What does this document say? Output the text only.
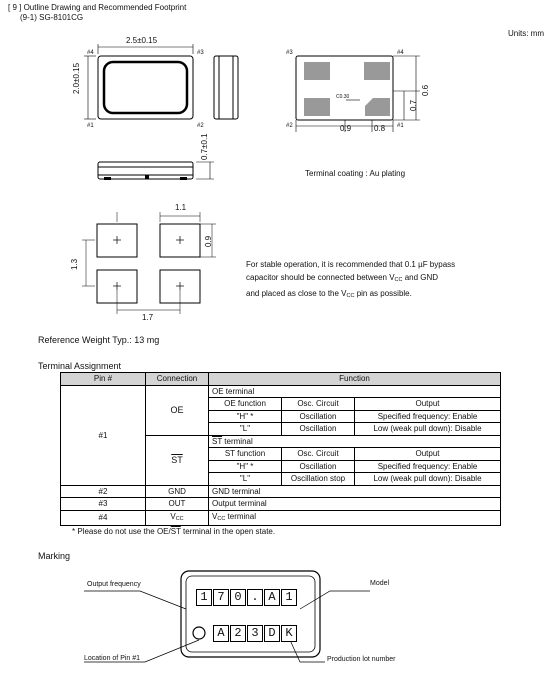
[ 9 ] Outline Drawing and Recommended Footprint
(9-1) SG-8101CG
Units: mm
2.5±0.15
2.0±0.15
0.7±0.1
#4	#3
#1	#2
#3	#4
#2	#1
C0.30
0.9	0.8
0.7
0.6
Terminal coating : Au plating
1.1
0.9
1.3
1.7
For stable operation, it is recommended that 0.1 µF bypass
capacitor should be connected between $V_{CC}$ and GND
and placed as close to the $V_{CC}$ pin as possible.
Reference Weight Typ.: 13 mg
Terminal Assignment
Pin #	Connection	Function		
#1	OE	OE terminal		
		OE function	Osc. Circuit	Output
		"H" *	Oscillation	Specified frequency: Enable
		"L"	Oscillation	Low (weak pull down): Disable
	$\overline{ST}$	$\overline{ST}$ terminal		
		ST function	Osc. Circuit	Output
		"H" *	Oscillation	Specified frequency: Enable
		"L"	Oscillation stop	Low (weak pull down): Disable
#2	GND	GND terminal		
#3	OUT	Output terminal		
#4	$V_{CC}$	$V_{CC}$ terminal		
* Please do not use the $OE/\overline{ST}$ terminal in the open state.
Marking
Output frequency	Model
Location of Pin #1	Production lot number
1 7 0 . A 1
A 2 3 D K
